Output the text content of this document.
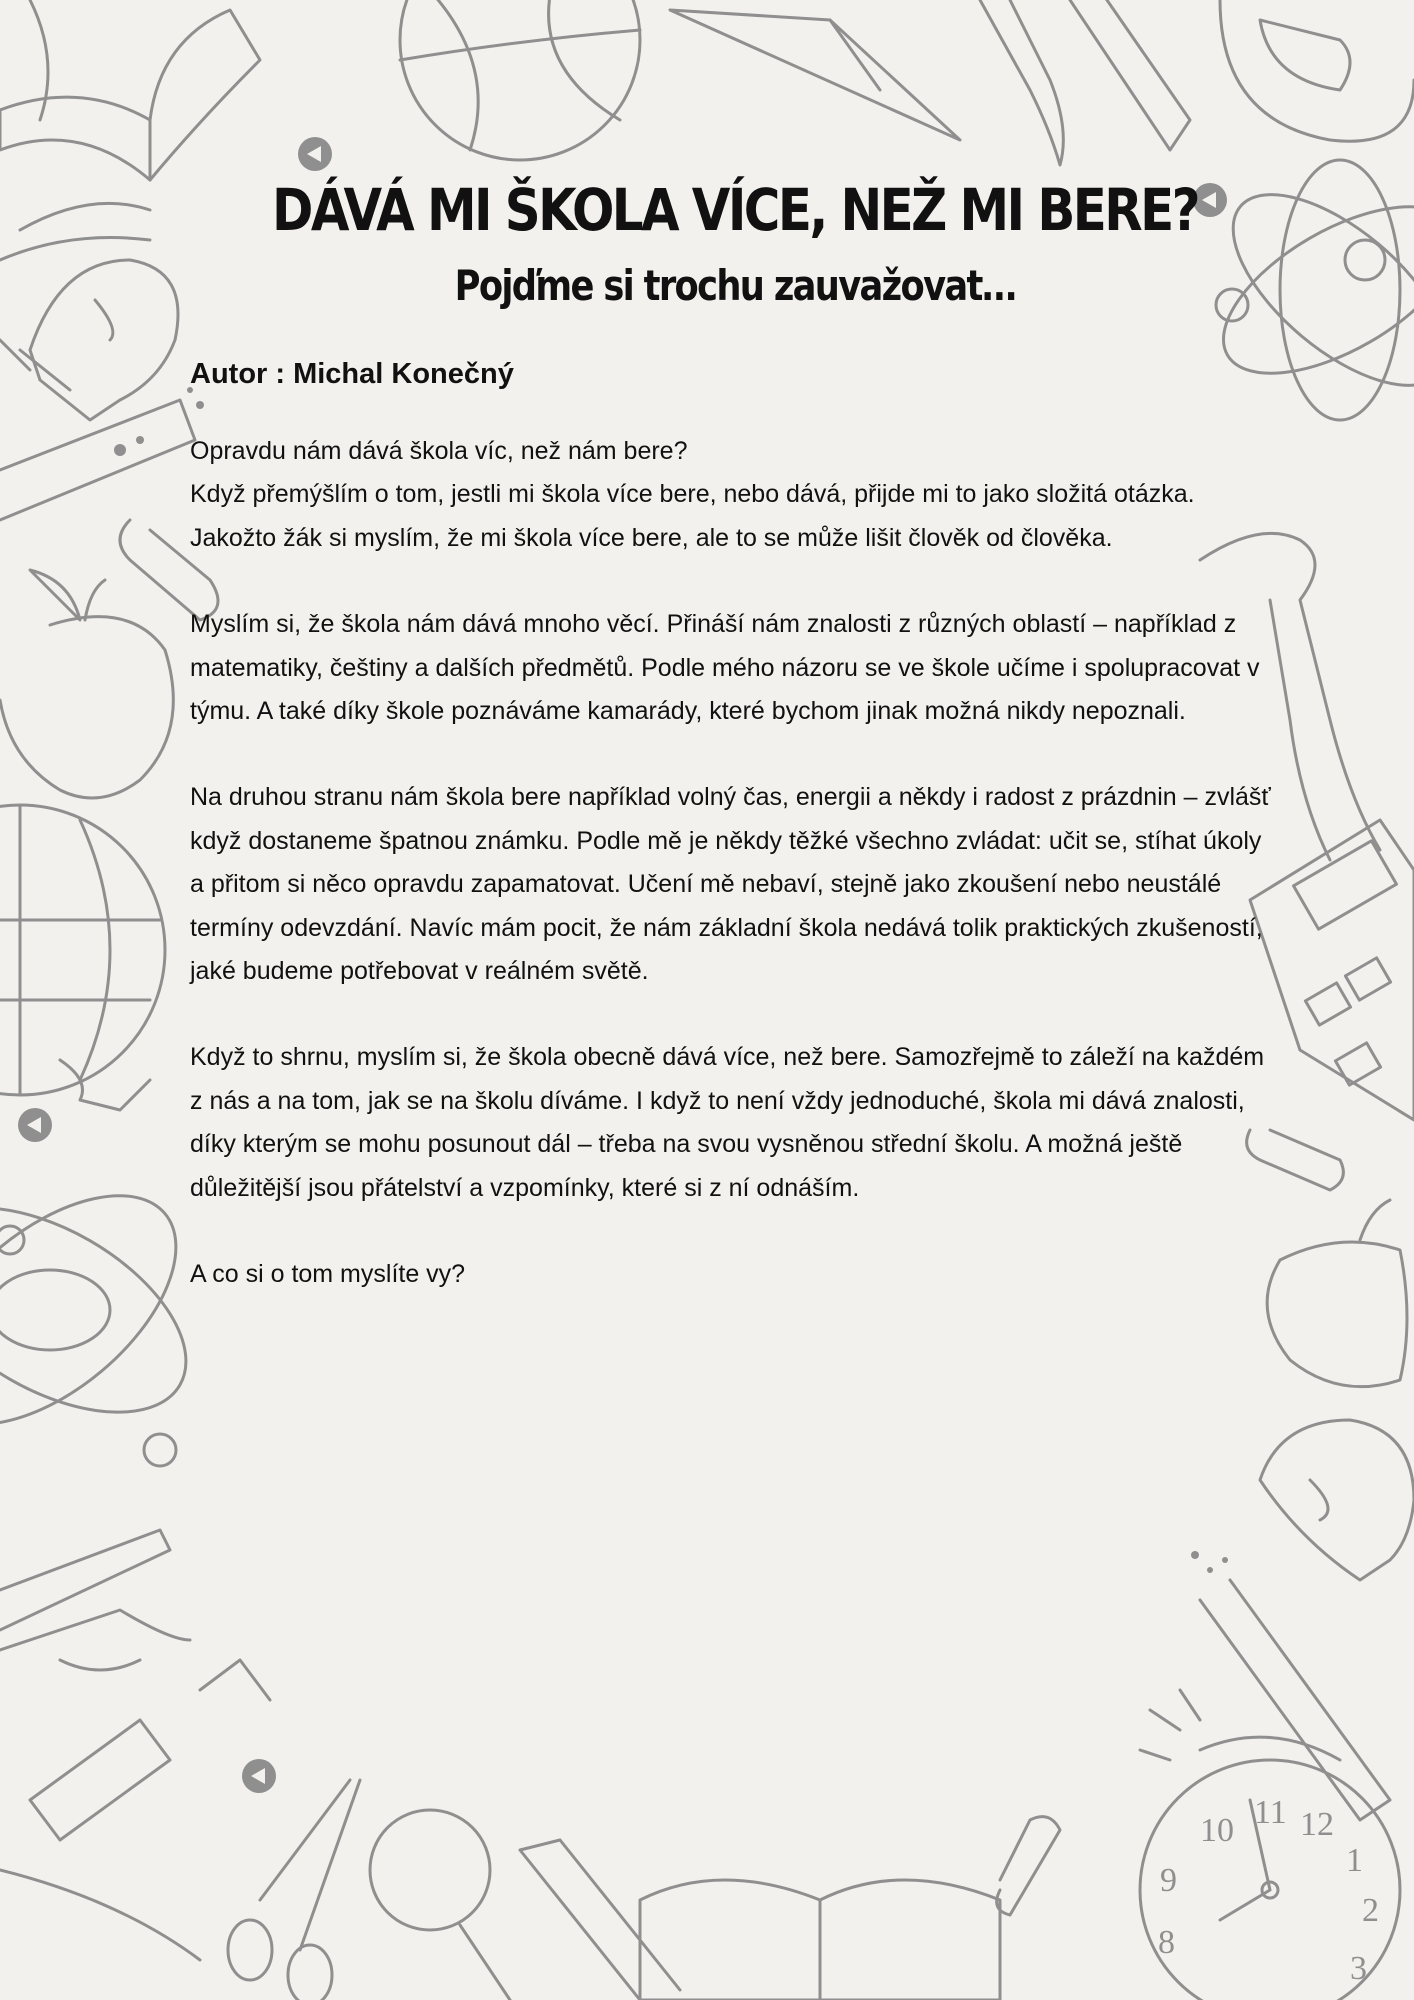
11 12
10
1
9
2
8
3
DÁVÁ MI ŠKOLA VÍCE, NEŽ MI BERE?
Pojďme si trochu zauvažovat…

Autor : Michal Konečný

Opravdu nám dává škola víc, než nám bere?
Když přemýšlím o tom, jestli mi škola více bere, nebo dává, přijde mi to jako složitá otázka. Jakožto žák si myslím, že mi škola více bere, ale to se může lišit člověk od člověka.

Myslím si, že škola nám dává mnoho věcí. Přináší nám znalosti z různých oblastí – například z matematiky, češtiny a dalších předmětů. Podle mého názoru se ve škole učíme i spolupracovat v týmu. A také díky škole poznáváme kamarády, které bychom jinak možná nikdy nepoznali.

Na druhou stranu nám škola bere například volný čas, energii a někdy i radost z prázdnin – zvlášť když dostaneme špatnou známku. Podle mě je někdy těžké všechno zvládat: učit se, stíhat úkoly a přitom si něco opravdu zapamatovat. Učení mě nebaví, stejně jako zkoušení nebo neustálé termíny odevzdání. Navíc mám pocit, že nám základní škola nedává tolik praktických zkušeností, jaké budeme potřebovat v reálném světě.

Když to shrnu, myslím si, že škola obecně dává více, než bere. Samozřejmě to záleží na každém z nás a na tom, jak se na školu díváme. I když to není vždy jednoduché, škola mi dává znalosti, díky kterým se mohu posunout dál – třeba na svou vysněnou střední školu. A možná ještě důležitější jsou přátelství a vzpomínky, které si z ní odnáším.

A co si o tom myslíte vy?
